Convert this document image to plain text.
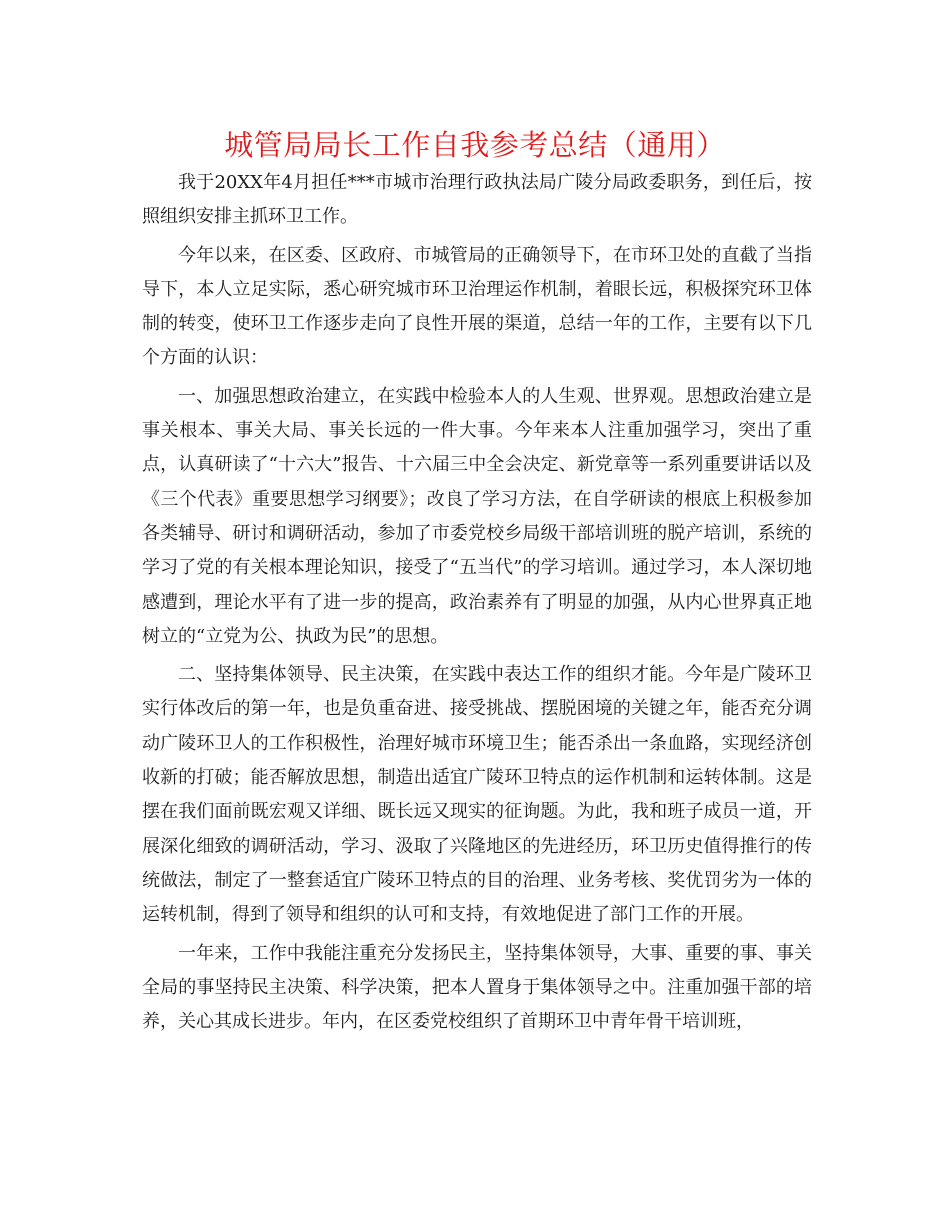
城管局局长工作自我参考总结（通用）

我于20XX年4月担任***市城市治理行政执法局广陵分局政委职务，到任后，按照组织安排主抓环卫工作。

今年以来，在区委、区政府、市城管局的正确领导下，在市环卫处的直截了当指导下，本人立足实际，悉心研究城市环卫治理运作机制，着眼长远，积极探究环卫体制的转变，使环卫工作逐步走向了良性开展的渠道，总结一年的工作，主要有以下几个方面的认识：

一、加强思想政治建立，在实践中检验本人的人生观、世界观。思想政治建立是事关根本、事关大局、事关长远的一件大事。今年来本人注重加强学习，突出了重点，认真研读了“十六大”报告、十六届三中全会决定、新党章等一系列重要讲话以及《三个代表》重要思想学习纲要》；改良了学习方法，在自学研读的根底上积极参加各类辅导、研讨和调研活动，参加了市委党校乡局级干部培训班的脱产培训，系统的学习了党的有关根本理论知识，接受了“五当代”的学习培训。通过学习，本人深切地感遭到，理论水平有了进一步的提高，政治素养有了明显的加强，从内心世界真正地树立的“立党为公、执政为民”的思想。

二、坚持集体领导、民主决策，在实践中表达工作的组织才能。今年是广陵环卫实行体改后的第一年，也是负重奋进、接受挑战、摆脱困境的关键之年，能否充分调动广陵环卫人的工作积极性，治理好城市环境卫生；能否杀出一条血路，实现经济创收新的打破；能否解放思想，制造出适宜广陵环卫特点的运作机制和运转体制。这是摆在我们面前既宏观又详细、既长远又现实的征询题。为此，我和班子成员一道，开展深化细致的调研活动，学习、汲取了兴隆地区的先进经历，环卫历史值得推行的传统做法，制定了一整套适宜广陵环卫特点的目的治理、业务考核、奖优罚劣为一体的运转机制，得到了领导和组织的认可和支持，有效地促进了部门工作的开展。

一年来，工作中我能注重充分发扬民主，坚持集体领导，大事、重要的事、事关全局的事坚持民主决策、科学决策，把本人置身于集体领导之中。注重加强干部的培养，关心其成长进步。年内，在区委党校组织了首期环卫中青年骨干培训班，
